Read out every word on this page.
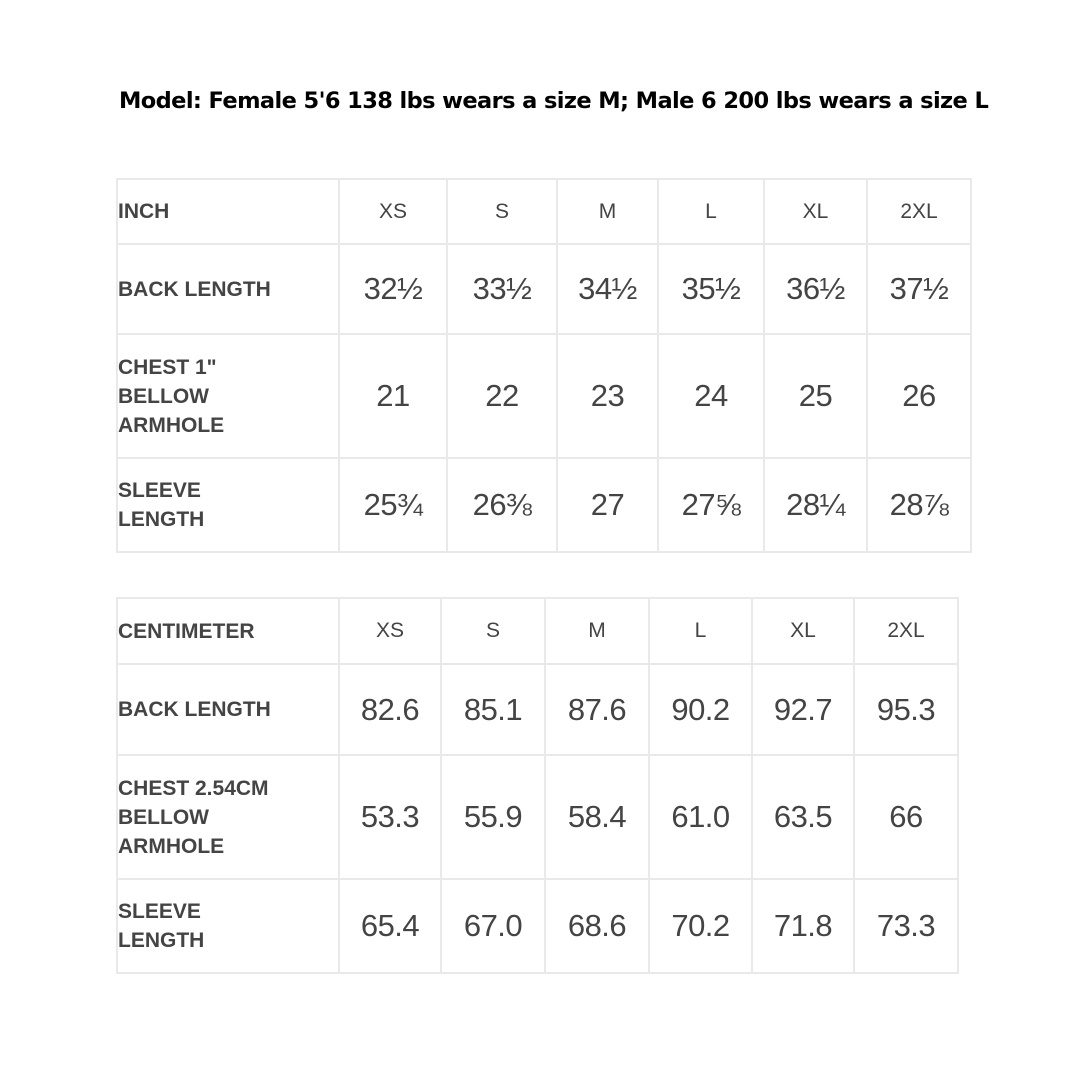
Model: Female 5'6 138 lbs wears a size M; Male 6 200 lbs wears a size L
INCH	XS	S	M	L	XL	2XL

BACK LENGTH	32½	33½	34½	35½	36½	37½

CHEST 1"
BELLOW
ARMHOLE	21	22	23	24	25	26

SLEEVE
LENGTH	25¾	26⅜	27	27⅝	28¼	28⅞
CENTIMETER	XS	S	M	L	XL	2XL

BACK LENGTH	82.6	85.1	87.6	90.2	92.7	95.3

CHEST 2.54CM
BELLOW
ARMHOLE	53.3	55.9	58.4	61.0	63.5	66

SLEEVE
LENGTH	65.4	67.0	68.6	70.2	71.8	73.3
